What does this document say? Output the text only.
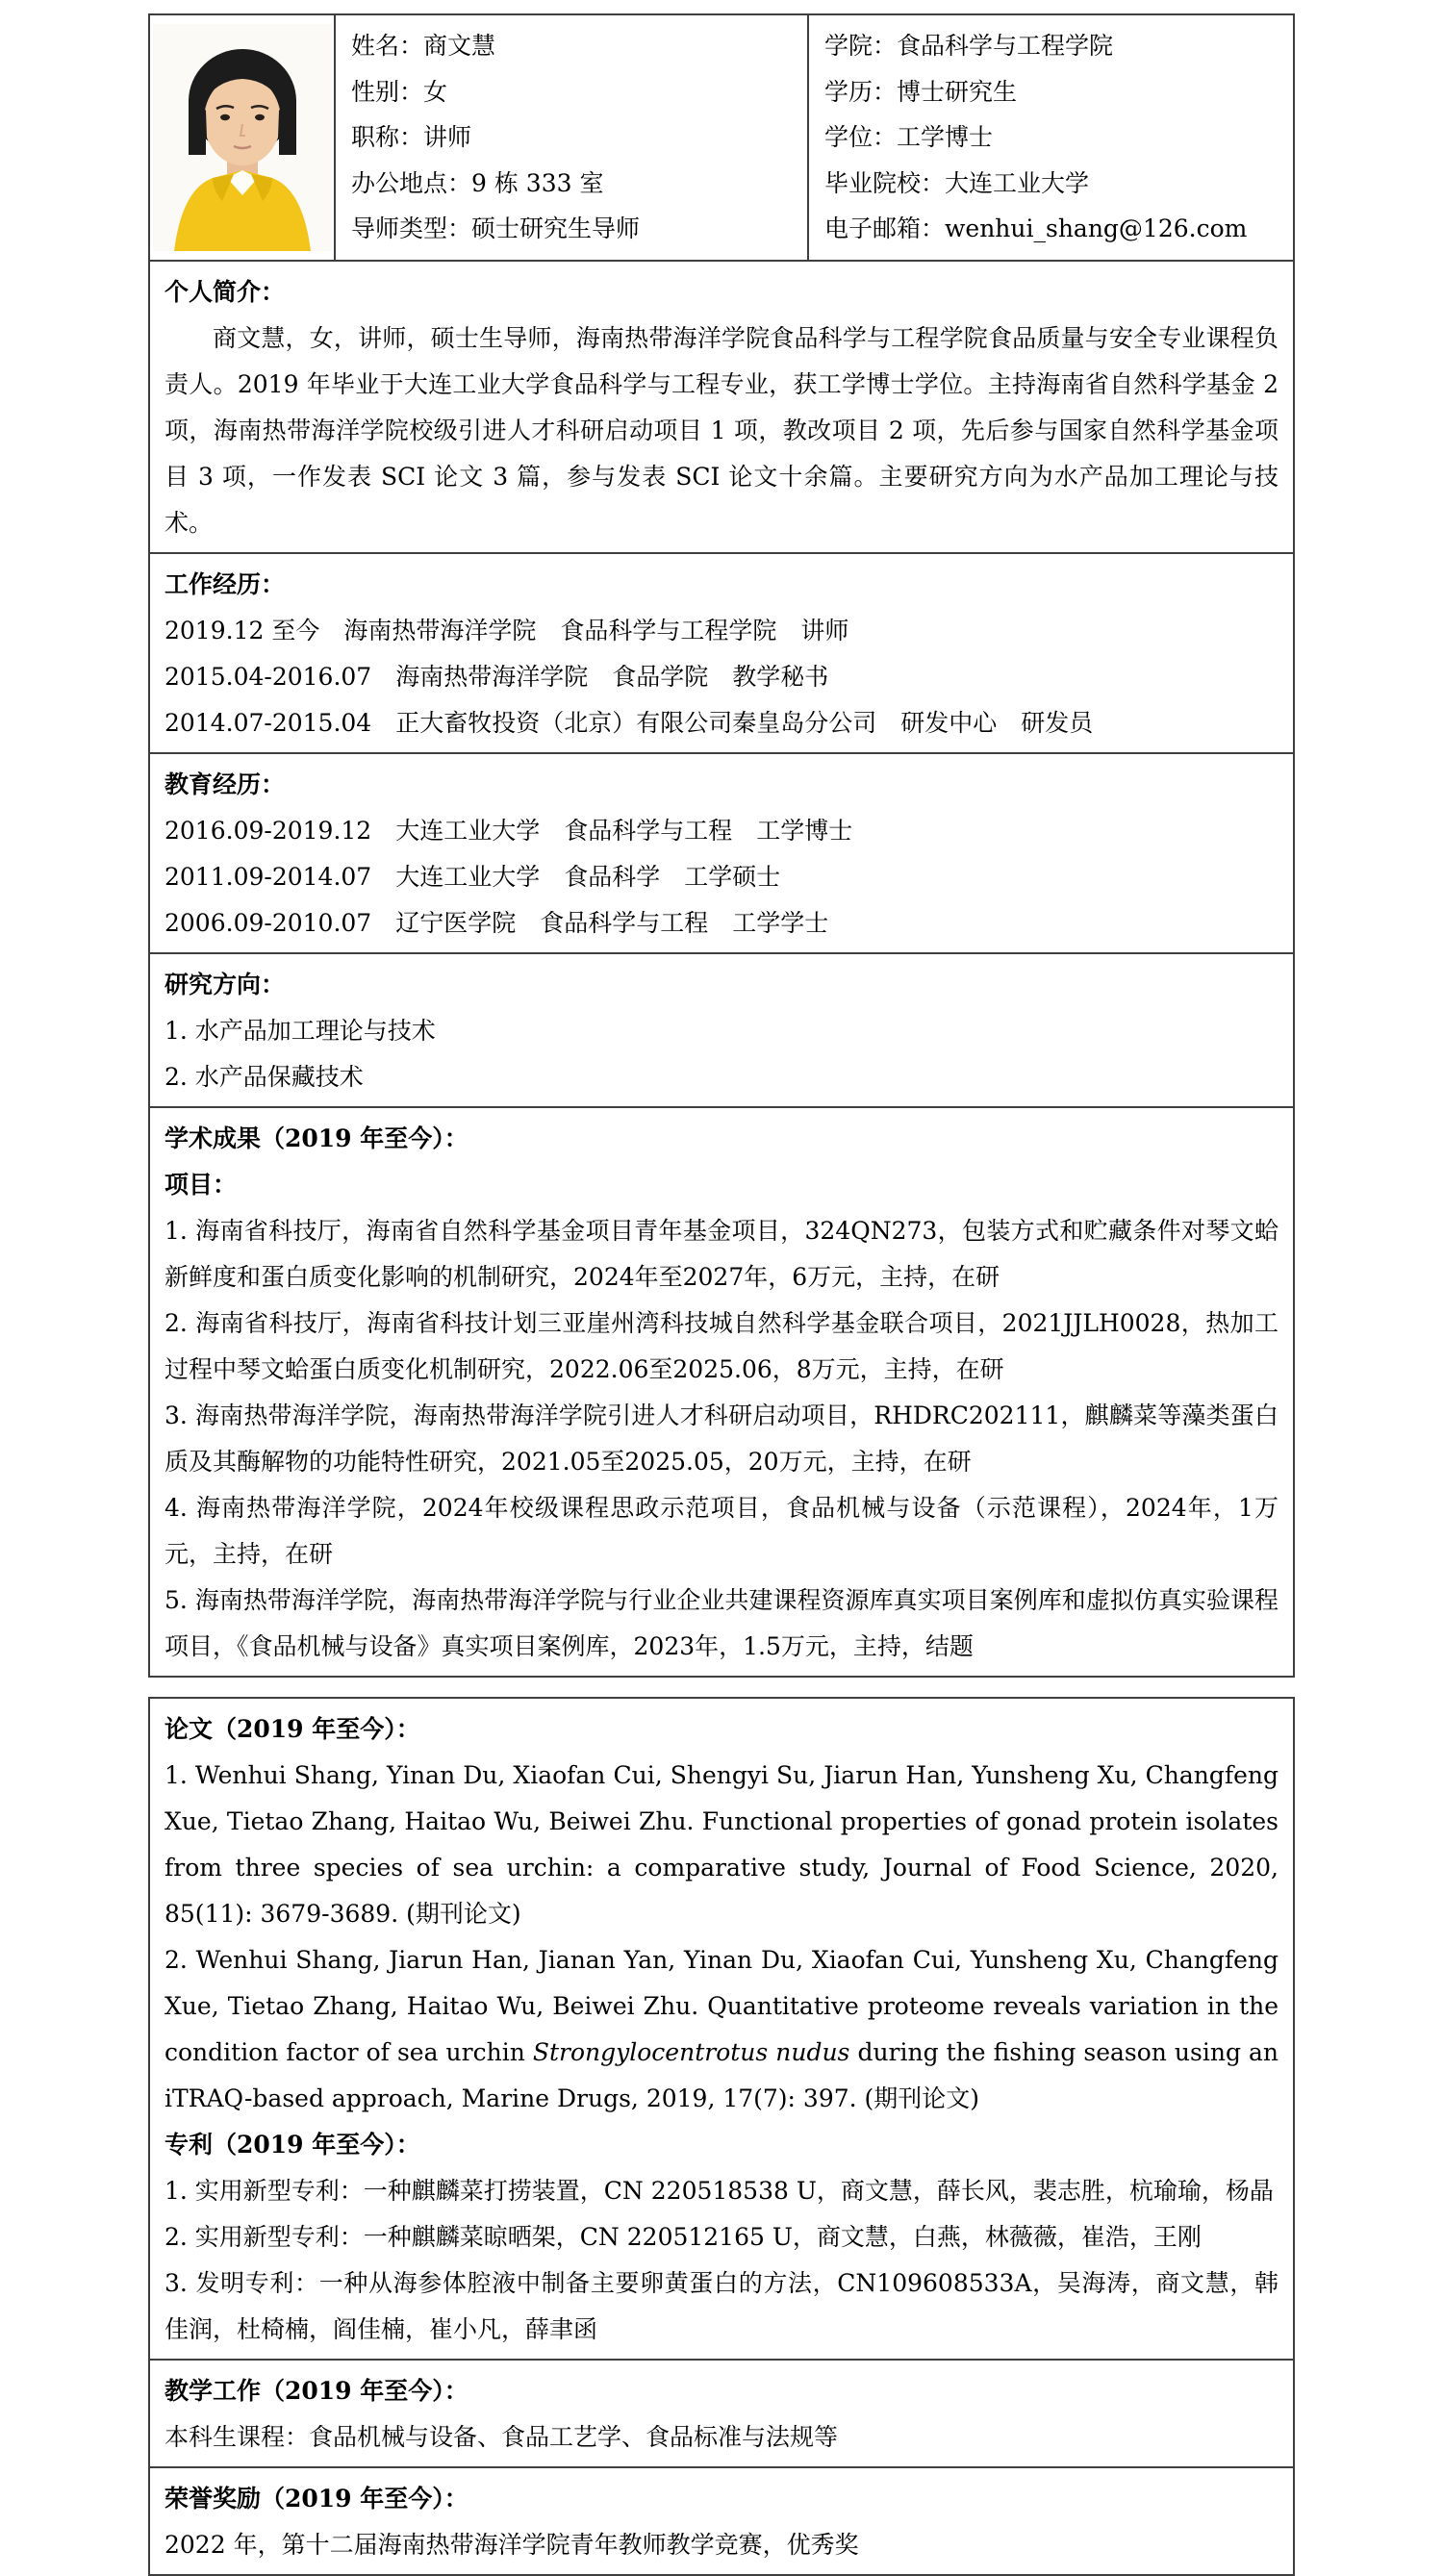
姓名：商文慧
性别：女
职称：讲师
办公地点：9 栋 333 室
导师类型：硕士研究生导师
学院：食品科学与工程学院
学历：博士研究生
学位：工学博士
毕业院校：大连工业大学
电子邮箱：wenhui_shang@126.com
个人简介：

商文慧，女，讲师，硕士生导师，海南热带海洋学院食品科学与工程学院食品质量与安全专业课程负责人。2019 年毕业于大连工业大学食品科学与工程专业，获工学博士学位。主持海南省自然科学基金 2 项，海南热带海洋学院校级引进人才科研启动项目 1 项，教改项目 2 项，先后参与国家自然科学基金项目 3 项，一作发表 SCI 论文 3 篇，参与发表 SCI 论文十余篇。主要研究方向为水产品加工理论与技术。

工作经历：

2019.12 至今　海南热带海洋学院　食品科学与工程学院　讲师

2015.04-2016.07　海南热带海洋学院　食品学院　教学秘书

2014.07-2015.04　正大畜牧投资（北京）有限公司秦皇岛分公司　研发中心　研发员

教育经历：

2016.09-2019.12　大连工业大学　食品科学与工程　工学博士

2011.09-2014.07　大连工业大学　食品科学　工学硕士

2006.09-2010.07　辽宁医学院　食品科学与工程　工学学士

研究方向：

1. 水产品加工理论与技术

2. 水产品保藏技术

学术成果（2019 年至今）：
项目：

1. 海南省科技厅，海南省自然科学基金项目青年基金项目，324QN273，包装方式和贮藏条件对琴文蛤新鲜度和蛋白质变化影响的机制研究，2024年至2027年，6万元，主持，在研

2. 海南省科技厅，海南省科技计划三亚崖州湾科技城自然科学基金联合项目，2021JJLH0028，热加工过程中琴文蛤蛋白质变化机制研究，2022.06至2025.06，8万元，主持，在研

3. 海南热带海洋学院，海南热带海洋学院引进人才科研启动项目，RHDRC202111，麒麟菜等藻类蛋白质及其酶解物的功能特性研究，2021.05至2025.05，20万元，主持，在研

4. 海南热带海洋学院，2024年校级课程思政示范项目，食品机械与设备（示范课程），2024年，1万元，主持，在研

5. 海南热带海洋学院，海南热带海洋学院与行业企业共建课程资源库真实项目案例库和虚拟仿真实验课程项目，《食品机械与设备》真实项目案例库，2023年，1.5万元，主持，结题

论文（2019 年至今）：

1. Wenhui Shang, Yinan Du, Xiaofan Cui, Shengyi Su, Jiarun Han, Yunsheng Xu, Changfeng Xue, Tietao Zhang, Haitao Wu, Beiwei Zhu. Functional properties of gonad protein isolates from three species of sea urchin: a comparative study, Journal of Food Science, 2020, 85(11): 3679-3689. (期刊论文)

2. Wenhui Shang, Jiarun Han, Jianan Yan, Yinan Du, Xiaofan Cui, Yunsheng Xu, Changfeng Xue, Tietao Zhang, Haitao Wu, Beiwei Zhu. Quantitative proteome reveals variation in the condition factor of sea urchin Strongylocentrotus nudus during the fishing season using an iTRAQ-based approach, Marine Drugs, 2019, 17(7): 397. (期刊论文)

专利（2019 年至今）：

1. 实用新型专利：一种麒麟菜打捞装置，CN 220518538 U，商文慧，薛长风，裴志胜，杭瑜瑜，杨晶

2. 实用新型专利：一种麒麟菜晾晒架，CN 220512165 U，商文慧，白燕，林薇薇，崔浩，王刚

3. 发明专利：一种从海参体腔液中制备主要卵黄蛋白的方法，CN109608533A，吴海涛，商文慧，韩佳润，杜椅楠，阎佳楠，崔小凡，薛聿函

教学工作（2019 年至今）：

本科生课程：食品机械与设备、食品工艺学、食品标准与法规等

荣誉奖励（2019 年至今）：

2022 年，第十二届海南热带海洋学院青年教师教学竞赛，优秀奖
